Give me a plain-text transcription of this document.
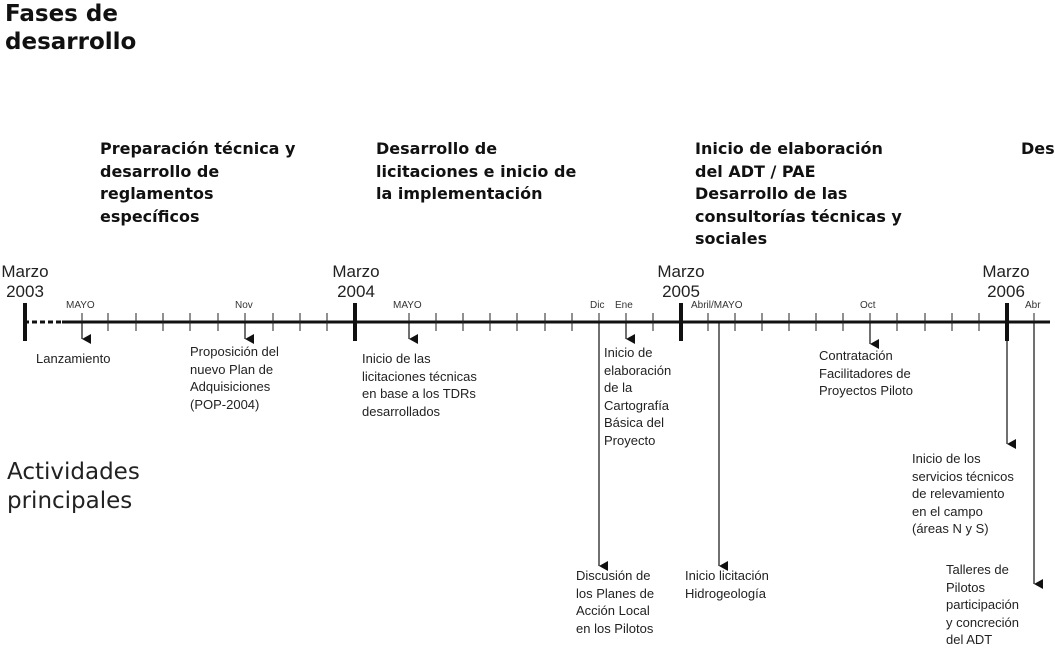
Fases de
desarrollo
Preparación técnica y
desarrollo de
reglamentos
específicos
Desarrollo de
licitaciones e inicio de
la implementación
Inicio de elaboración
del ADT / PAE
Desarrollo de las
consultorías técnicas y
sociales
Des
Marzo
2003
Marzo
2004
Marzo
2005
Marzo
2006
MAYO	Nov	MAYO	Dic Ene	Abril/MAYO	Oct	Abr
Lanzamiento	Proposición del
nuevo Plan de
Adquisiciones
(POP-2004)
Inicio de las
licitaciones técnicas
en base a los TDRs
desarrollados
Inicio de
elaboración
de la
Cartografía
Básica del
Proyecto
Discusión de
los Planes de
Acción Local
en los Pilotos
Inicio licitación
Hidrogeología
Contratación
Facilitadores de
Proyectos Piloto
Inicio de los
servicios técnicos
de relevamiento
en el campo
(áreas N y S)
Talleres de
Pilotos
participación
y concreción
del ADT
Actividades
principales
